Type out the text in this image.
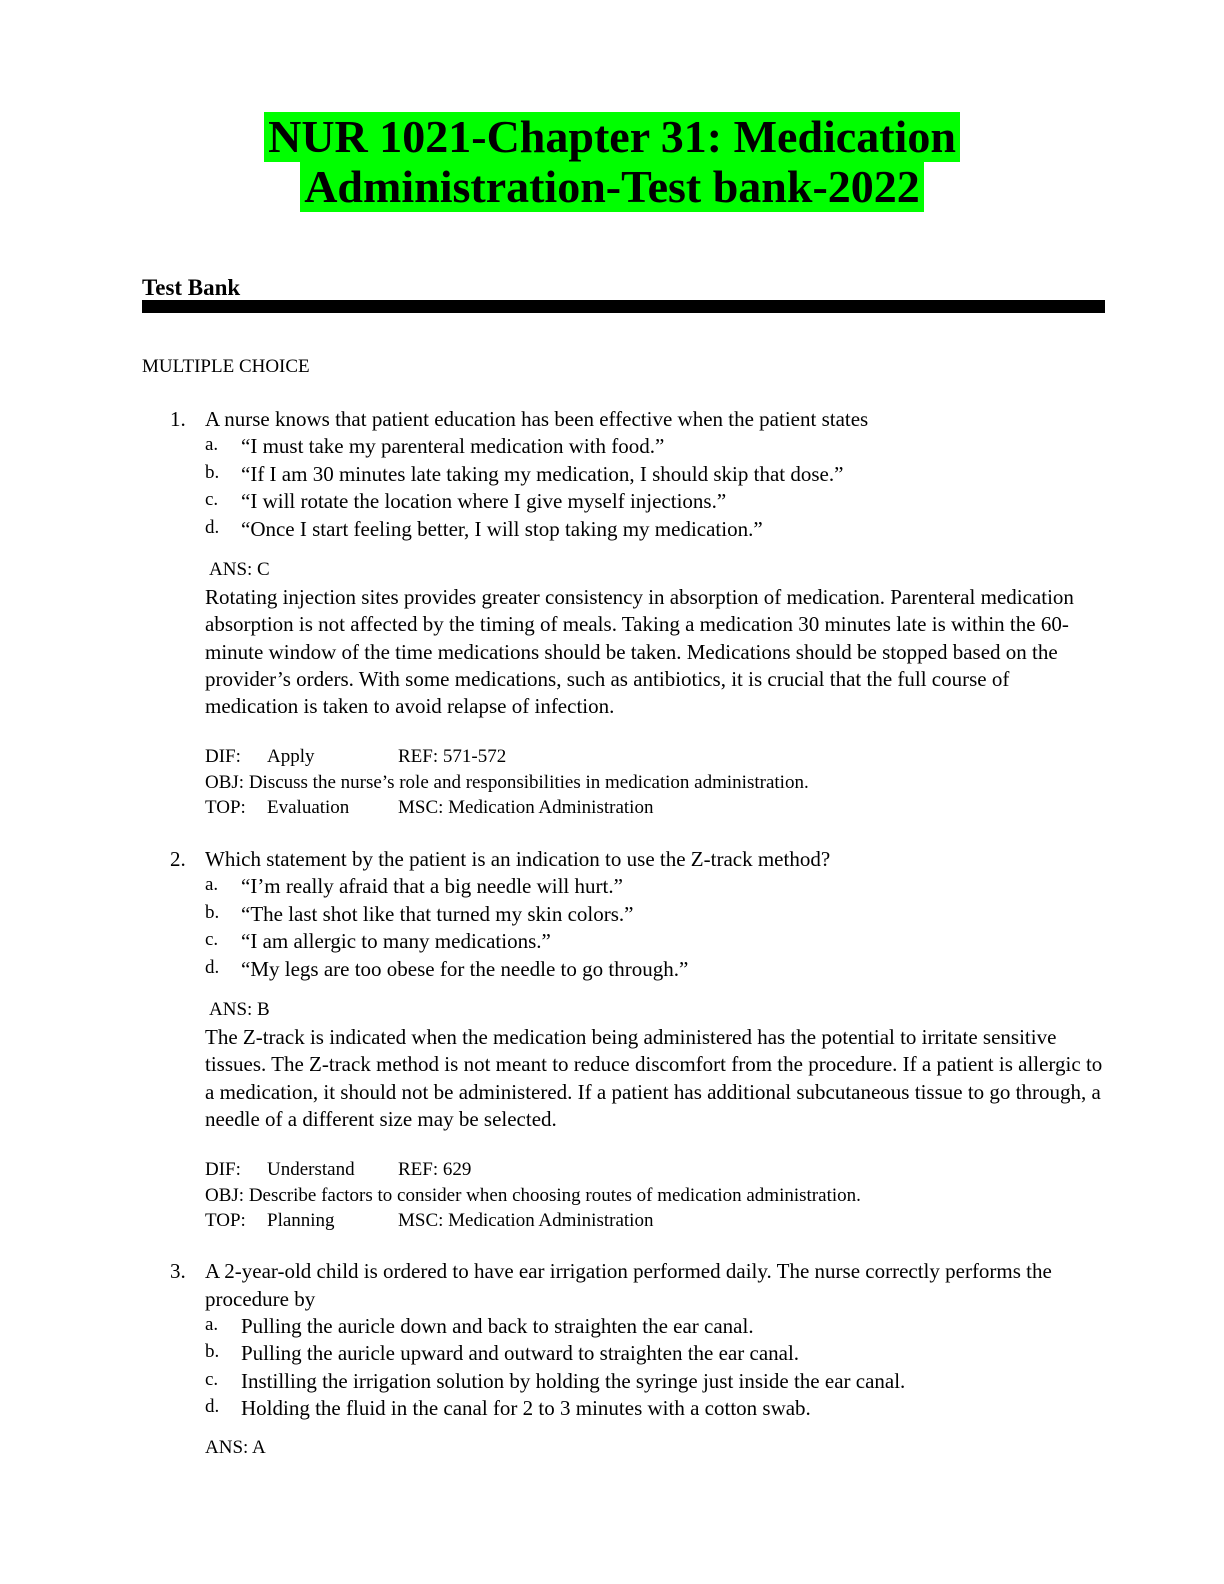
NUR 1021-Chapter 31: Medication
Administration-Test bank-2022
Test Bank
MULTIPLE CHOICE
1. A nurse knows that patient education has been effective when the patient states
a. “I must take my parenteral medication with food.”
b. “If I am 30 minutes late taking my medication, I should skip that dose.”
c. “I will rotate the location where I give myself injections.”
d. “Once I start feeling better, I will stop taking my medication.”
ANS: C
Rotating injection sites provides greater consistency in absorption of medication. Parenteral medication absorption is not affected by the timing of meals. Taking a medication 30 minutes late is within the 60-minute window of the time medications should be taken. Medications should be stopped based on the provider’s orders. With some medications, such as antibiotics, it is crucial that the full course of medication is taken to avoid relapse of infection.
DIF: Apply	REF: 571-572
OBJ: Discuss the nurse’s role and responsibilities in medication administration.
TOP: Evaluation	MSC: Medication Administration
2. Which statement by the patient is an indication to use the Z-track method?
a. “I’m really afraid that a big needle will hurt.”
b. “The last shot like that turned my skin colors.”
c. “I am allergic to many medications.”
d. “My legs are too obese for the needle to go through.”
ANS: B
The Z-track is indicated when the medication being administered has the potential to irritate sensitive tissues. The Z-track method is not meant to reduce discomfort from the procedure. If a patient is allergic to a medication, it should not be administered. If a patient has additional subcutaneous tissue to go through, a needle of a different size may be selected.
DIF: Understand REF: 629
OBJ: Describe factors to consider when choosing routes of medication administration.
TOP: Planning	MSC: Medication Administration
3. A 2-year-old child is ordered to have ear irrigation performed daily. The nurse correctly performs the procedure by
a. Pulling the auricle down and back to straighten the ear canal.
b. Pulling the auricle upward and outward to straighten the ear canal.
c. Instilling the irrigation solution by holding the syringe just inside the ear canal.
d. Holding the fluid in the canal for 2 to 3 minutes with a cotton swab.
ANS: A
